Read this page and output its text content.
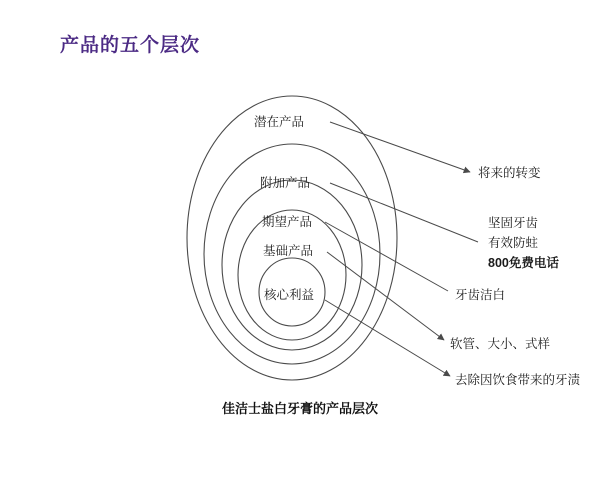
产品的五个层次
潜在产品
附加产品
期望产品
基础产品
核心利益
将来的转变
坚固牙齿
有效防蛀
800免费电话
牙齿洁白
软管、大小、式样
去除因饮食带来的牙渍
佳洁士盐白牙膏的产品层次
